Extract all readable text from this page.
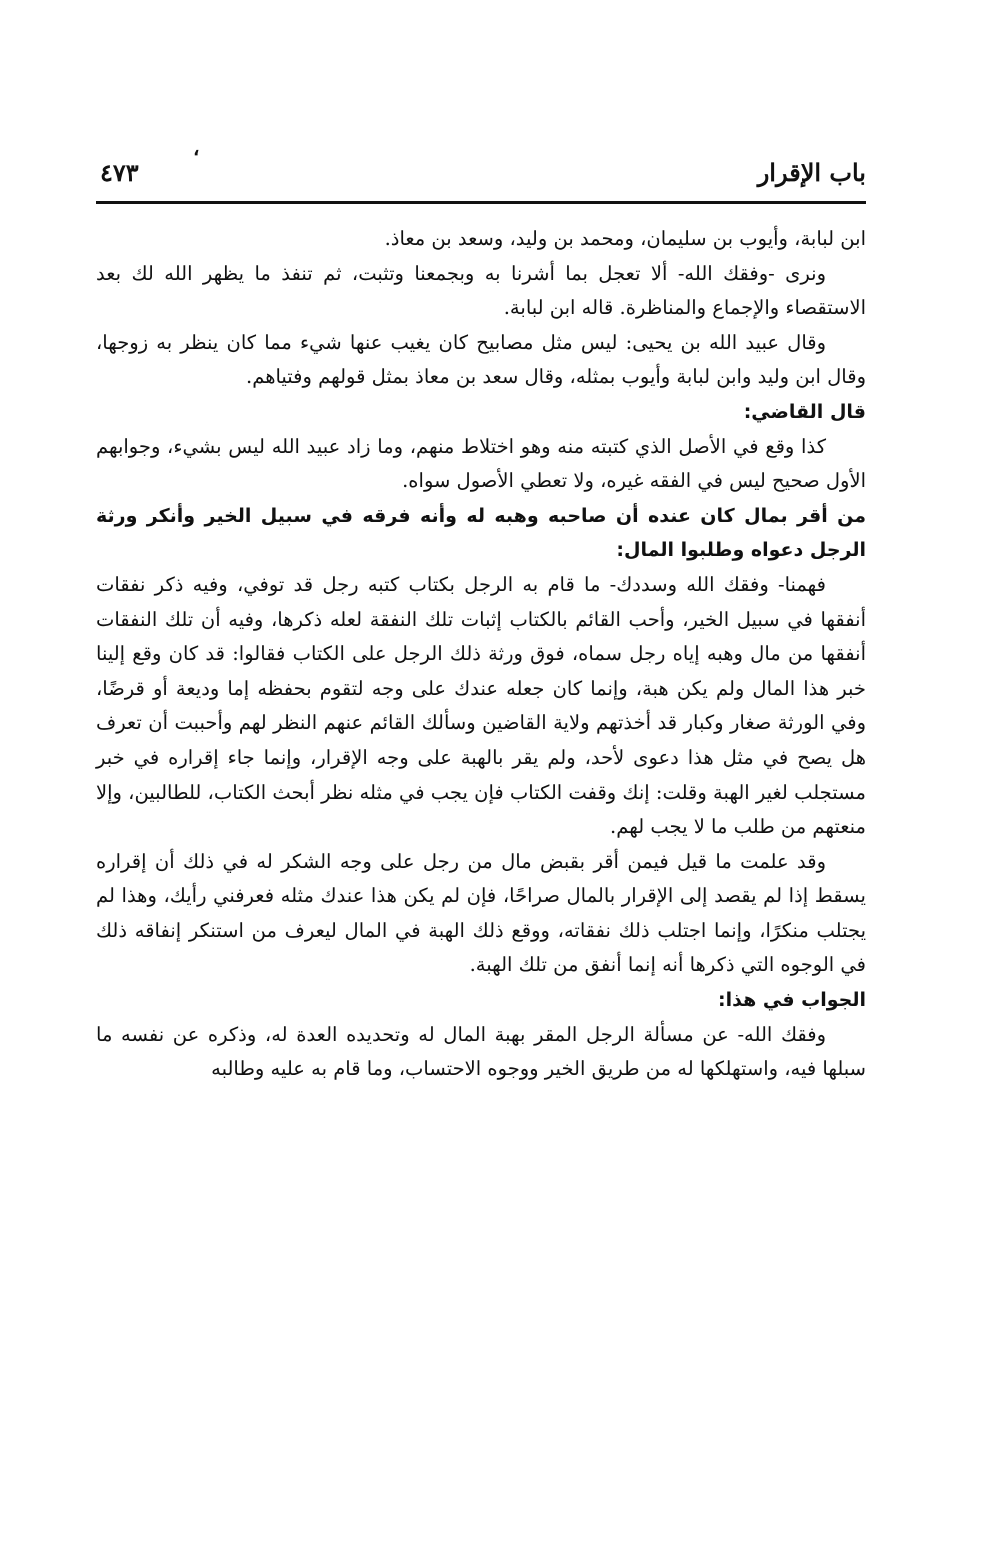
،
باب الإقرار
٤٧٣

ابن لبابة، وأيوب بن سليمان، ومحمد بن وليد، وسعد بن معاذ.

ونرى -وفقك الله- ألا تعجل بما أشرنا به وبجمعنا وتثبت، ثم تنفذ ما يظهر الله لك بعد الاستقصاء والإجماع والمناظرة. قاله ابن لبابة.

وقال عبيد الله بن يحيى: ليس مثل مصابيح كان يغيب عنها شيء مما كان ينظر به زوجها، وقال ابن وليد وابن لبابة وأيوب بمثله، وقال سعد بن معاذ بمثل قولهم وفتياهم.

قال القاضي:

كذا وقع في الأصل الذي كتبته منه وهو اختلاط منهم، وما زاد عبيد الله ليس بشيء، وجوابهم الأول صحيح ليس في الفقه غيره، ولا تعطي الأصول سواه.

من أقر بمال كان عنده أن صاحبه وهبه له وأنه فرقه في سبيل الخير وأنكر ورثة الرجل دعواه وطلبوا المال:

فهمنا- وفقك الله وسددك- ما قام به الرجل بكتاب كتبه رجل قد توفي، وفيه ذكر نفقات أنفقها في سبيل الخير، وأحب القائم بالكتاب إثبات تلك النفقة لعله ذكرها، وفيه أن تلك النفقات أنفقها من مال وهبه إياه رجل سماه، فوق ورثة ذلك الرجل على الكتاب فقالوا: قد كان وقع إلينا خبر هذا المال ولم يكن هبة، وإنما كان جعله عندك على وجه لتقوم بحفظه إما وديعة أو قرضًا، وفي الورثة صغار وكبار قد أخذتهم ولاية القاضين وسألك القائم عنهم النظر لهم وأحببت أن تعرف هل يصح في مثل هذا دعوى لأحد، ولم يقر بالهبة على وجه الإقرار، وإنما جاء إقراره في خبر مستجلب لغير الهبة وقلت: إنك وقفت الكتاب فإن يجب في مثله نظر أبحث الكتاب، للطالبين، وإلا منعتهم من طلب ما لا يجب لهم.

وقد علمت ما قيل فيمن أقر بقبض مال من رجل على وجه الشكر له في ذلك أن إقراره يسقط إذا لم يقصد إلى الإقرار بالمال صراحًا، فإن لم يكن هذا عندك مثله فعرفني رأيك، وهذا لم يجتلب منكرًا، وإنما اجتلب ذلك نفقاته، ووقع ذلك الهبة في المال ليعرف من استنكر إنفاقه ذلك في الوجوه التي ذكرها أنه إنما أنفق من تلك الهبة.

الجواب في هذا:

وفقك الله- عن مسألة الرجل المقر بهبة المال له وتحديده العدة له، وذكره عن نفسه ما سبلها فيه، واستهلكها له من طريق الخير ووجوه الاحتساب، وما قام به عليه وطالبه
